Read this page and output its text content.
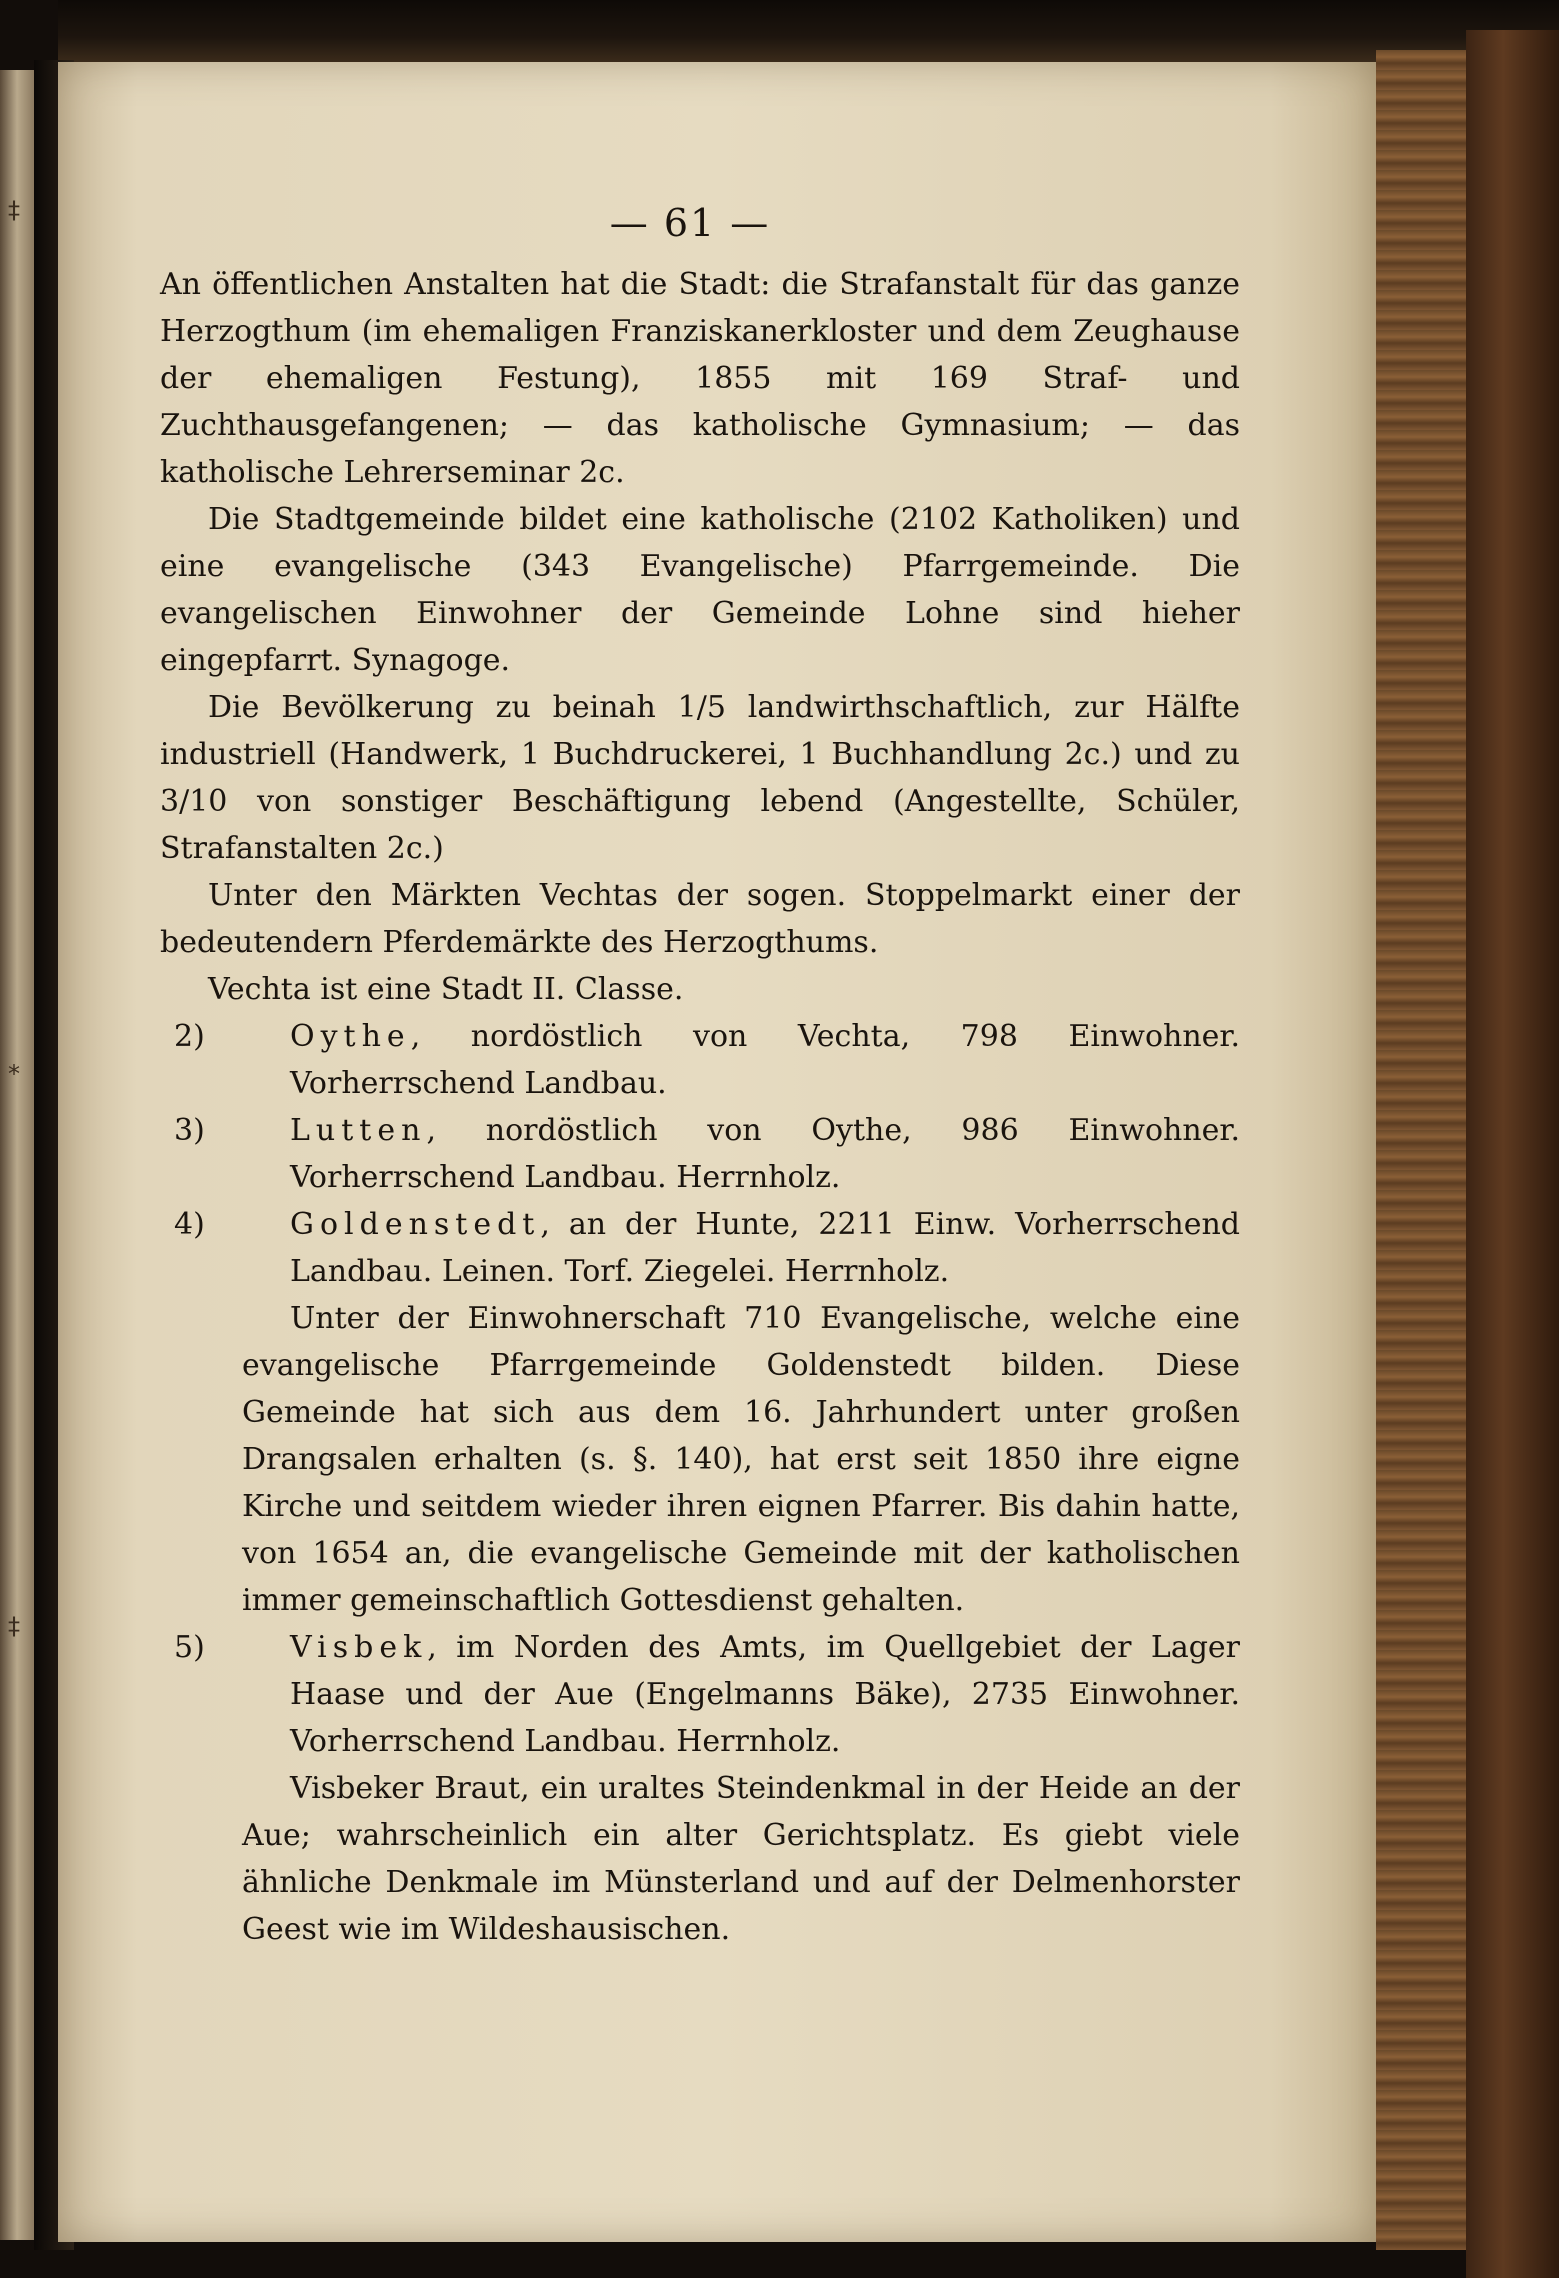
‡
*
‡
— 61 —

An öffentlichen Anstalten hat die Stadt: die Strafanstalt für das ganze Herzogthum (im ehemaligen Franziskanerkloster und dem Zeughause der ehemaligen Festung), 1855 mit 169 Straf- und Zuchthausgefangenen; — das katholische Gymnasium; — das katholische Lehrerseminar 2c.

Die Stadtgemeinde bildet eine katholische (2102 Katholiken) und eine evangelische (343 Evangelische) Pfarrgemeinde. Die evangelischen Einwohner der Gemeinde Lohne sind hieher eingepfarrt. Synagoge.

Die Bevölkerung zu beinah 1/5 landwirthschaftlich, zur Hälfte industriell (Handwerk, 1 Buchdruckerei, 1 Buchhandlung 2c.) und zu 3/10 von sonstiger Beschäftigung lebend (Angestellte, Schüler, Strafanstalten 2c.)

Unter den Märkten Vechtas der sogen. Stoppelmarkt einer der bedeutendern Pferdemärkte des Herzogthums.

Vechta ist eine Stadt II. Classe.

2)	Oythe, nordöstlich von Vechta, 798 Einwohner. Vorherrschend Landbau.
3)	Lutten, nordöstlich von Oythe, 986 Einwohner. Vorherrschend Landbau. Herrnholz.
4)	Goldenstedt, an der Hunte, 2211 Einw. Vorherrschend Landbau. Leinen. Torf. Ziegelei. Herrnholz.

Unter der Einwohnerschaft 710 Evangelische, welche eine evangelische Pfarrgemeinde Goldenstedt bilden. Diese Gemeinde hat sich aus dem 16. Jahrhundert unter großen Drangsalen erhalten (s. §. 140), hat erst seit 1850 ihre eigne Kirche und seitdem wieder ihren eignen Pfarrer. Bis dahin hatte, von 1654 an, die evangelische Gemeinde mit der katholischen immer gemeinschaftlich Gottesdienst gehalten.

5)	Visbek, im Norden des Amts, im Quellgebiet der Lager Haase und der Aue (Engelmanns Bäke), 2735 Einwohner. Vorherrschend Landbau. Herrnholz.

Visbeker Braut, ein uraltes Steindenkmal in der Heide an der Aue; wahrscheinlich ein alter Gerichtsplatz. Es giebt viele ähnliche Denkmale im Münsterland und auf der Delmenhorster Geest wie im Wildeshausischen.
